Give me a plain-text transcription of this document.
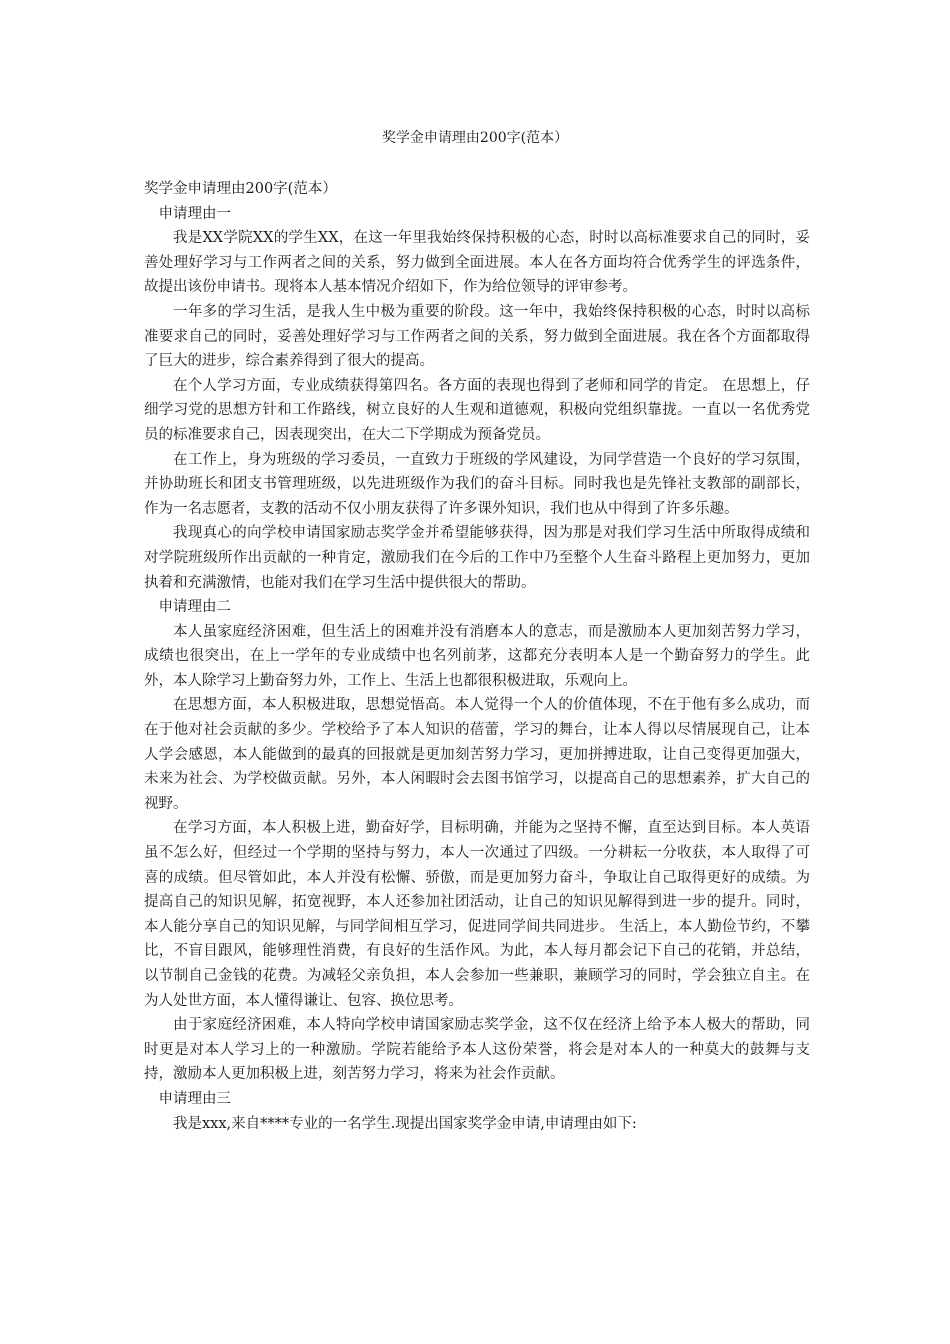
奖学金申请理由200字(范本）

奖学金申请理由200字(范本）

申请理由一

我是XX学院XX的学生XX，在这一年里我始终保持积极的心态，时时以高标准要求自己的同时，妥善处理好学习与工作两者之间的关系，努力做到全面进展。本人在各方面均符合优秀学生的评选条件，故提出该份申请书。现将本人基本情况介绍如下，作为给位领导的评审参考。

一年多的学习生活，是我人生中极为重要的阶段。这一年中，我始终保持积极的心态，时时以高标准要求自己的同时，妥善处理好学习与工作两者之间的关系，努力做到全面进展。我在各个方面都取得了巨大的进步，综合素养得到了很大的提高。

在个人学习方面，专业成绩获得第四名。各方面的表现也得到了老师和同学的肯定。 在思想上，仔细学习党的思想方针和工作路线，树立良好的人生观和道德观，积极向党组织靠拢。一直以一名优秀党员的标准要求自己，因表现突出，在大二下学期成为预备党员。

在工作上，身为班级的学习委员，一直致力于班级的学风建设，为同学营造一个良好的学习氛围，并协助班长和团支书管理班级，以先进班级作为我们的奋斗目标。同时我也是先锋社支教部的副部长，作为一名志愿者，支教的活动不仅小朋友获得了许多课外知识，我们也从中得到了许多乐趣。

我现真心的向学校申请国家励志奖学金并希望能够获得，因为那是对我们学习生活中所取得成绩和对学院班级所作出贡献的一种肯定，激励我们在今后的工作中乃至整个人生奋斗路程上更加努力，更加执着和充满激情，也能对我们在学习生活中提供很大的帮助。

申请理由二

本人虽家庭经济困难，但生活上的困难并没有消磨本人的意志，而是激励本人更加刻苦努力学习，成绩也很突出，在上一学年的专业成绩中也名列前茅，这都充分表明本人是一个勤奋努力的学生。此外，本人除学习上勤奋努力外，工作上、生活上也都很积极进取，乐观向上。

在思想方面，本人积极进取，思想觉悟高。本人觉得一个人的价值体现，不在于他有多么成功，而在于他对社会贡献的多少。学校给予了本人知识的蓓蕾，学习的舞台，让本人得以尽情展现自己，让本人学会感恩，本人能做到的最真的回报就是更加刻苦努力学习，更加拼搏进取，让自己变得更加强大，未来为社会、为学校做贡献。另外，本人闲暇时会去图书馆学习，以提高自己的思想素养，扩大自己的视野。

在学习方面，本人积极上进，勤奋好学，目标明确，并能为之坚持不懈，直至达到目标。本人英语虽不怎么好，但经过一个学期的坚持与努力，本人一次通过了四级。一分耕耘一分收获，本人取得了可喜的成绩。但尽管如此，本人并没有松懈、骄傲，而是更加努力奋斗，争取让自己取得更好的成绩。为提高自己的知识见解，拓宽视野，本人还参加社团活动，让自己的知识见解得到进一步的提升。同时，本人能分享自己的知识见解，与同学间相互学习，促进同学间共同进步。 生活上，本人勤俭节约，不攀比，不盲目跟风，能够理性消费，有良好的生活作风。为此，本人每月都会记下自己的花销，并总结，以节制自己金钱的花费。为减轻父亲负担，本人会参加一些兼职，兼顾学习的同时，学会独立自主。在为人处世方面，本人懂得谦让、包容、换位思考。

由于家庭经济困难，本人特向学校申请国家励志奖学金，这不仅在经济上给予本人极大的帮助，同时更是对本人学习上的一种激励。学院若能给予本人这份荣誉，将会是对本人的一种莫大的鼓舞与支持，激励本人更加积极上进，刻苦努力学习，将来为社会作贡献。

申请理由三

我是xxx,来自****专业的一名学生.现提出国家奖学金申请,申请理由如下:
